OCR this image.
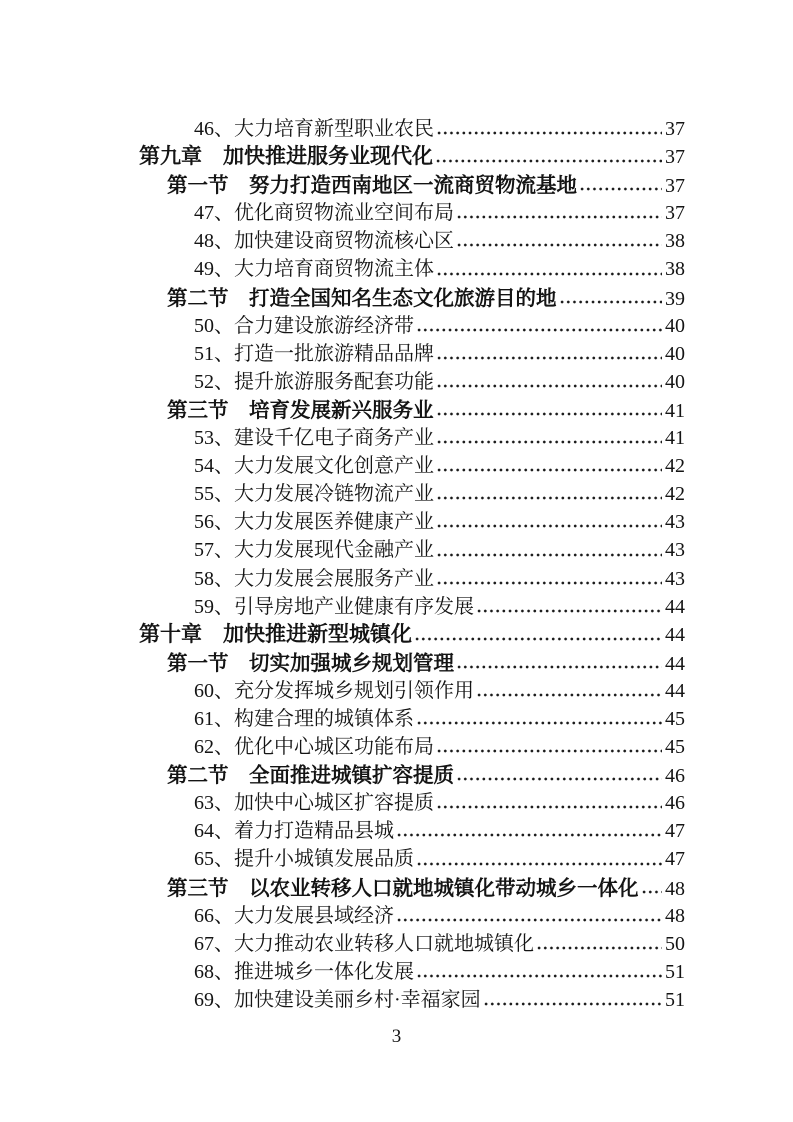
46、大力培育新型职业农民	37
第九章　加快推进服务业现代化	37
第一节　努力打造西南地区一流商贸物流基地	37
47、优化商贸物流业空间布局	37
48、加快建设商贸物流核心区	38
49、大力培育商贸物流主体	38
第二节　打造全国知名生态文化旅游目的地	39
50、合力建设旅游经济带	40
51、打造一批旅游精品品牌	40
52、提升旅游服务配套功能	40
第三节　培育发展新兴服务业	41
53、建设千亿电子商务产业	41
54、大力发展文化创意产业	42
55、大力发展冷链物流产业	42
56、大力发展医养健康产业	43
57、大力发展现代金融产业	43
58、大力发展会展服务产业	43
59、引导房地产业健康有序发展	44
第十章　加快推进新型城镇化	44
第一节　切实加强城乡规划管理	44
60、充分发挥城乡规划引领作用	44
61、构建合理的城镇体系	45
62、优化中心城区功能布局	45
第二节　全面推进城镇扩容提质	46
63、加快中心城区扩容提质	46
64、着力打造精品县城	47
65、提升小城镇发展品质	47
第三节　以农业转移人口就地城镇化带动城乡一体化 48
66、大力发展县域经济	48
67、大力推动农业转移人口就地城镇化	50
68、推进城乡一体化发展	51
69、加快建设美丽乡村·幸福家园	51
3
